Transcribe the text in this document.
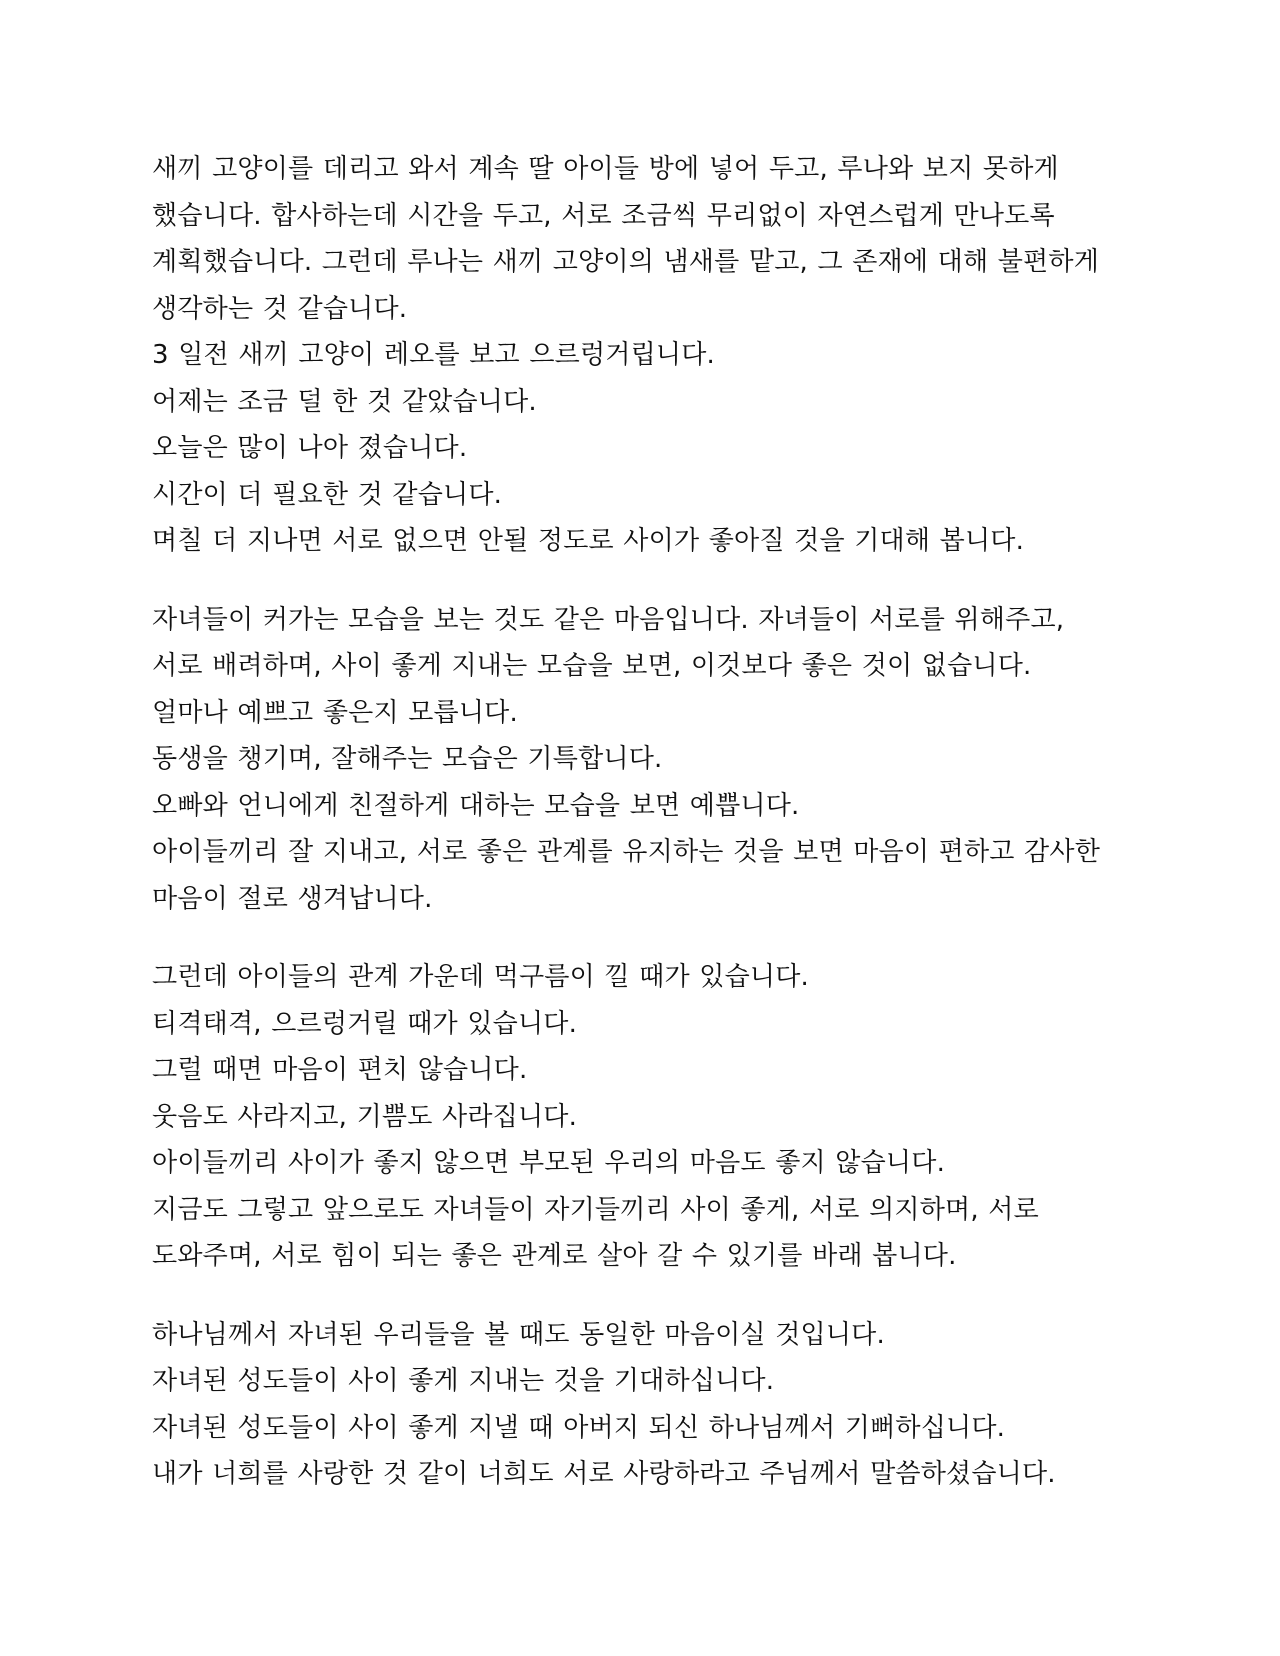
새끼 고양이를 데리고 와서 계속 딸 아이들 방에 넣어 두고, 루나와 보지 못하게
했습니다. 합사하는데 시간을 두고, 서로 조금씩 무리없이 자연스럽게 만나도록
계획했습니다. 그런데 루나는 새끼 고양이의 냄새를 맡고, 그 존재에 대해 불편하게
생각하는 것 같습니다.
3 일전 새끼 고양이 레오를 보고 으르렁거립니다.
어제는 조금 덜 한 것 같았습니다.
오늘은 많이 나아 졌습니다.
시간이 더 필요한 것 같습니다.
며칠 더 지나면 서로 없으면 안될 정도로 사이가 좋아질 것을 기대해 봅니다.

자녀들이 커가는 모습을 보는 것도 같은 마음입니다. 자녀들이 서로를 위해주고,
서로 배려하며, 사이 좋게 지내는 모습을 보면, 이것보다 좋은 것이 없습니다.
얼마나 예쁘고 좋은지 모릅니다.
동생을 챙기며, 잘해주는 모습은 기특합니다.
오빠와 언니에게 친절하게 대하는 모습을 보면 예쁩니다.
아이들끼리 잘 지내고, 서로 좋은 관계를 유지하는 것을 보면 마음이 편하고 감사한
마음이 절로 생겨납니다.

그런데 아이들의 관계 가운데 먹구름이 낄 때가 있습니다.
티격태격, 으르렁거릴 때가 있습니다.
그럴 때면 마음이 편치 않습니다.
웃음도 사라지고, 기쁨도 사라집니다.
아이들끼리 사이가 좋지 않으면 부모된 우리의 마음도 좋지 않습니다.
지금도 그렇고 앞으로도 자녀들이 자기들끼리 사이 좋게, 서로 의지하며, 서로
도와주며, 서로 힘이 되는 좋은 관계로 살아 갈 수 있기를 바래 봅니다.

하나님께서 자녀된 우리들을 볼 때도 동일한 마음이실 것입니다.
자녀된 성도들이 사이 좋게 지내는 것을 기대하십니다.
자녀된 성도들이 사이 좋게 지낼 때 아버지 되신 하나님께서 기뻐하십니다.
내가 너희를 사랑한 것 같이 너희도 서로 사랑하라고 주님께서 말씀하셨습니다.
